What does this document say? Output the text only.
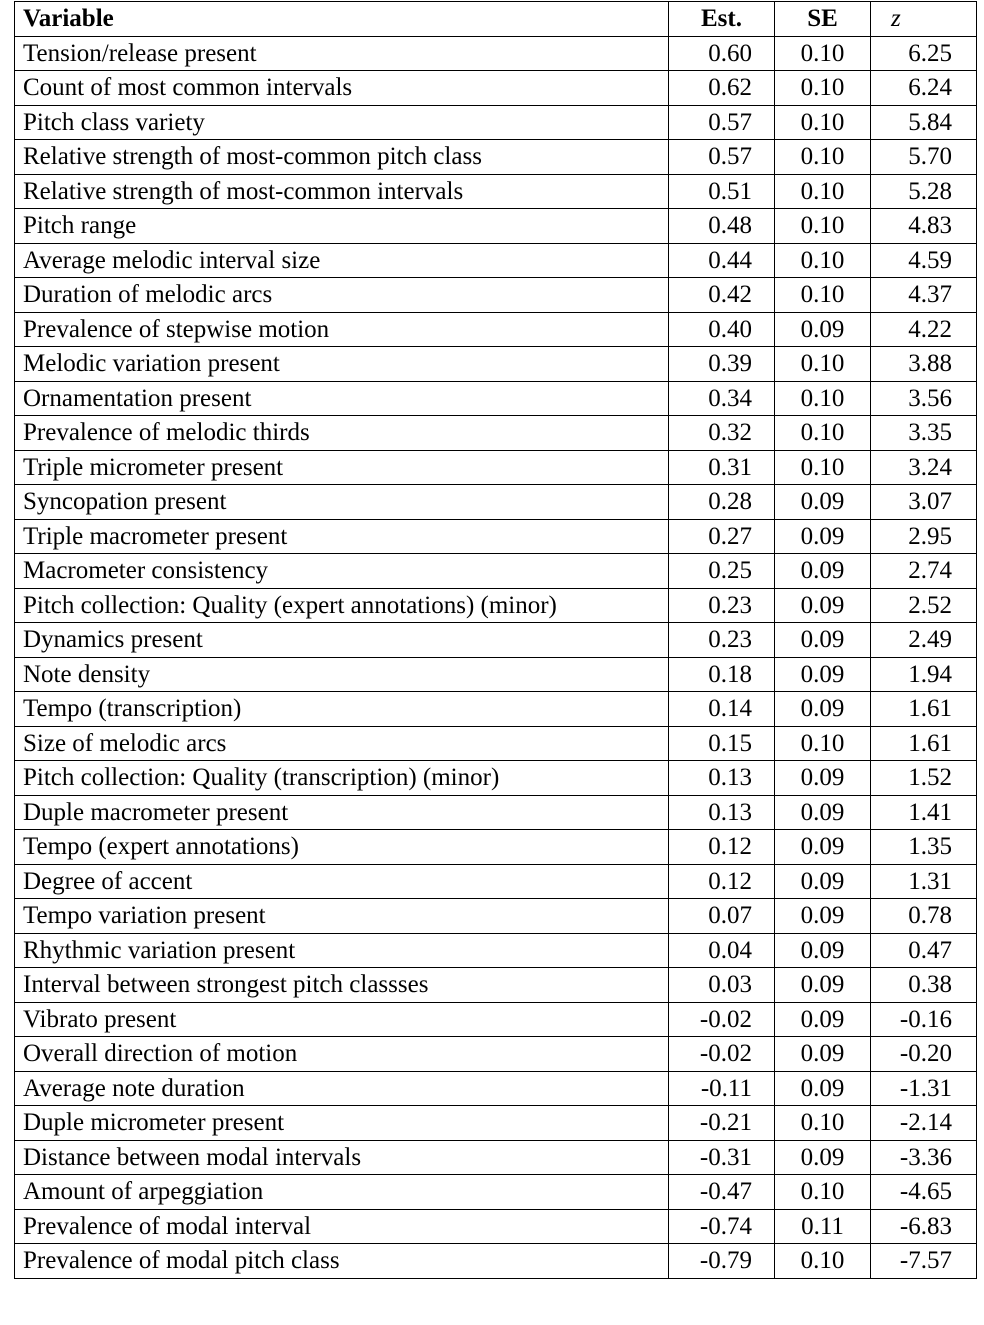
Variable	Est.	SE	z
Tension/release present	0.60	0.10	6.25
Count of most common intervals	0.62	0.10	6.24
Pitch class variety	0.57	0.10	5.84
Relative strength of most-common pitch class	0.57	0.10	5.70
Relative strength of most-common intervals	0.51	0.10	5.28
Pitch range	0.48	0.10	4.83
Average melodic interval size	0.44	0.10	4.59
Duration of melodic arcs	0.42	0.10	4.37
Prevalence of stepwise motion	0.40	0.09	4.22
Melodic variation present	0.39	0.10	3.88
Ornamentation present	0.34	0.10	3.56
Prevalence of melodic thirds	0.32	0.10	3.35
Triple micrometer present	0.31	0.10	3.24
Syncopation present	0.28	0.09	3.07
Triple macrometer present	0.27	0.09	2.95
Macrometer consistency	0.25	0.09	2.74
Pitch collection: Quality (expert annotations) (minor)	0.23	0.09	2.52
Dynamics present	0.23	0.09	2.49
Note density	0.18	0.09	1.94
Tempo (transcription)	0.14	0.09	1.61
Size of melodic arcs	0.15	0.10	1.61
Pitch collection: Quality (transcription) (minor)	0.13	0.09	1.52
Duple macrometer present	0.13	0.09	1.41
Tempo (expert annotations)	0.12	0.09	1.35
Degree of accent	0.12	0.09	1.31
Tempo variation present	0.07	0.09	0.78
Rhythmic variation present	0.04	0.09	0.47
Interval between strongest pitch classses	0.03	0.09	0.38
Vibrato present	-0.02	0.09	-0.16
Overall direction of motion	-0.02	0.09	-0.20
Average note duration	-0.11	0.09	-1.31
Duple micrometer present	-0.21	0.10	-2.14
Distance between modal intervals	-0.31	0.09	-3.36
Amount of arpeggiation	-0.47	0.10	-4.65
Prevalence of modal interval	-0.74	0.11	-6.83
Prevalence of modal pitch class	-0.79	0.10	-7.57
